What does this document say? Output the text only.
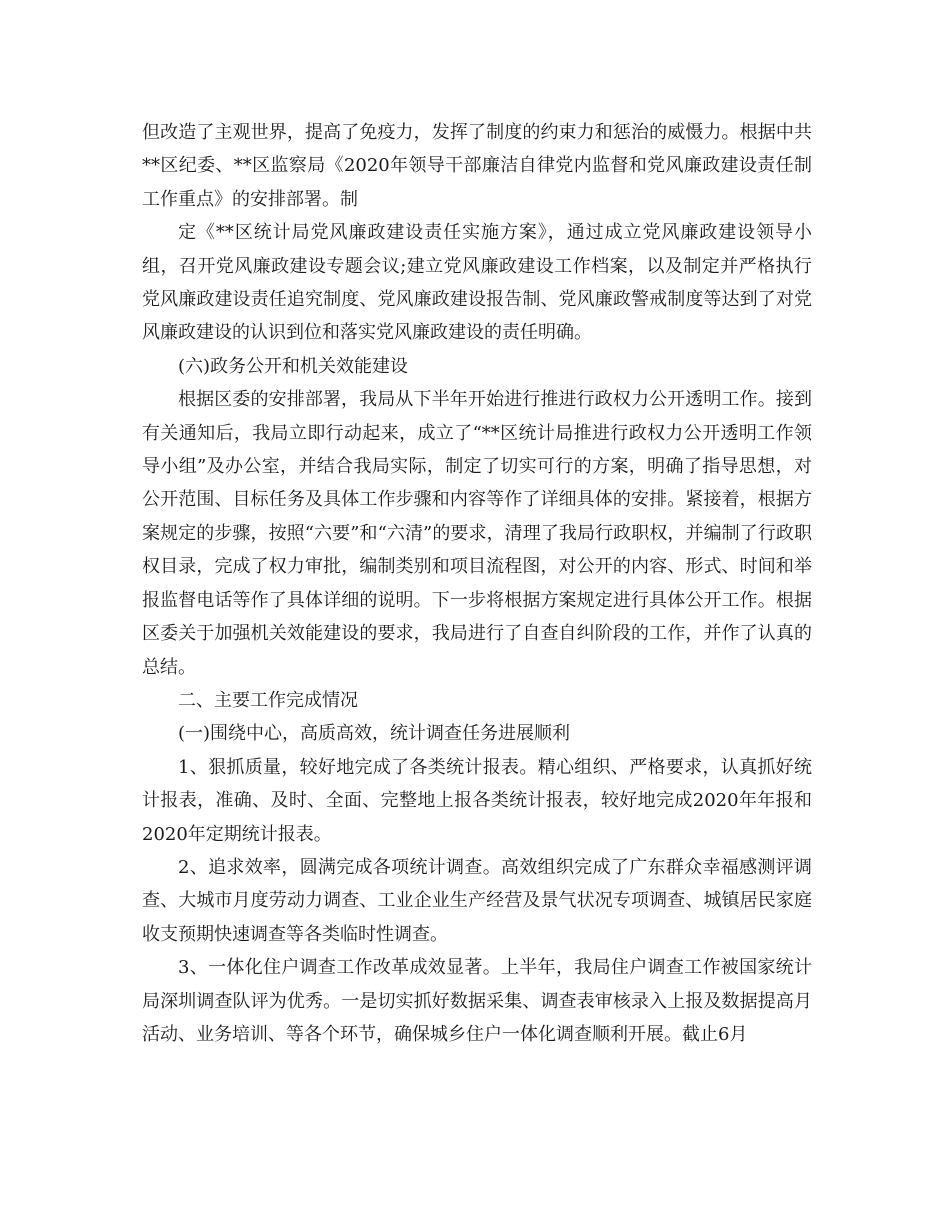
但改造了主观世界，提高了免疫力，发挥了制度的约束力和惩治的威慑力。根据中共**区纪委、**区监察局《2020年领导干部廉洁自律党内监督和党风廉政建设责任制工作重点》的安排部署。制

定《**区统计局党风廉政建设责任实施方案》，通过成立党风廉政建设领导小组，召开党风廉政建设专题会议;建立党风廉政建设工作档案，以及制定并严格执行党风廉政建设责任追究制度、党风廉政建设报告制、党风廉政警戒制度等达到了对党风廉政建设的认识到位和落实党风廉政建设的责任明确。

(六)政务公开和机关效能建设

根据区委的安排部署，我局从下半年开始进行推进行政权力公开透明工作。接到有关通知后，我局立即行动起来，成立了“**区统计局推进行政权力公开透明工作领导小组”及办公室，并结合我局实际，制定了切实可行的方案，明确了指导思想，对公开范围、目标任务及具体工作步骤和内容等作了详细具体的安排。紧接着，根据方案规定的步骤，按照“六要”和“六清”的要求，清理了我局行政职权，并编制了行政职权目录，完成了权力审批，编制类别和项目流程图，对公开的内容、形式、时间和举报监督电话等作了具体详细的说明。下一步将根据方案规定进行具体公开工作。根据区委关于加强机关效能建设的要求，我局进行了自查自纠阶段的工作，并作了认真的总结。

二、主要工作完成情况

(一)围绕中心，高质高效，统计调查任务进展顺利

1、狠抓质量，较好地完成了各类统计报表。精心组织、严格要求，认真抓好统计报表，准确、及时、全面、完整地上报各类统计报表，较好地完成2020年年报和2020年定期统计报表。

2、追求效率，圆满完成各项统计调查。高效组织完成了广东群众幸福感测评调查、大城市月度劳动力调查、工业企业生产经营及景气状况专项调查、城镇居民家庭收支预期快速调查等各类临时性调查。

3、一体化住户调查工作改革成效显著。上半年，我局住户调查工作被国家统计局深圳调查队评为优秀。一是切实抓好数据采集、调查表审核录入上报及数据提高月活动、业务培训、等各个环节，确保城乡住户一体化调查顺利开展。截止6月
